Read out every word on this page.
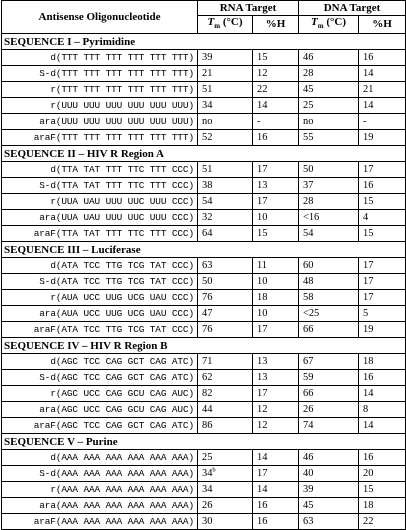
Antisense Oligonucleotide	RNA Target		DNA Target	
	$T_m$ (°C)	%H	$T_m$ (°C)	%H
SEQUENCE I – Pyrimidine				
d(TTT TTT TTT TTT TTT TTT)	39	15	46	16
S-d(TTT TTT TTT TTT TTT TTT)	21	12	28	14
r(TTT TTT TTT TTT TTT TTT)	51	22	45	21
r(UUU UUU UUU UUU UUU UUU)	34	14	25	14
ara(UUU UUU UUU UUU UUU UUU)	no	-	no	-
araF(TTT TTT TTT TTT TTT TTT)	52	16	55	19
SEQUENCE II – HIV R Region A				
d(TTA TAT TTT TTC TTT CCC)	51	17	50	17
S-d(TTA TAT TTT TTC TTT CCC)	38	13	37	16
r(UUA UAU UUU UUC UUU CCC)	54	17	28	15
ara(UUA UAU UUU UUC UUU CCC)	32	10	<16	4
araF(TTA TAT TTT TTC TTT CCC)	64	15	54	15
SEQUENCE III – Luciferase				
d(ATA TCC TTG TCG TAT CCC)	63	11	60	17
S-d(ATA TCC TTG TCG TAT CCC)	50	10	48	17
r(AUA UCC UUG UCG UAU CCC)	76	18	58	17
ara(AUA UCC UUG UCG UAU CCC)	47	10	<25	5
araF(ATA TCC TTG TCG TAT CCC)	76	17	66	19
SEQUENCE IV – HIV R Region B				
d(AGC TCC CAG GCT CAG ATC)	71	13	67	18
S-d(AGC TCC CAG GCT CAG ATC)	62	13	59	16
r(AGC UCC CAG GCU CAG AUC)	82	17	66	14
ara(AGC UCC CAG GCU CAG AUC)	44	12	26	8
araF(AGC TCC CAG GCT CAG ATC)	86	12	74	14
SEQUENCE V – Purine				
d(AAA AAA AAA AAA AAA AAA)	25	14	46	16
S-d(AAA AAA AAA AAA AAA AAA)	34$^b$	17	40	20
r(AAA AAA AAA AAA AAA AAA)	34	14	39	15
ara(AAA AAA AAA AAA AAA AAA)	26	16	45	18
araF(AAA AAA AAA AAA AAA AAA)	30	16	63	22
